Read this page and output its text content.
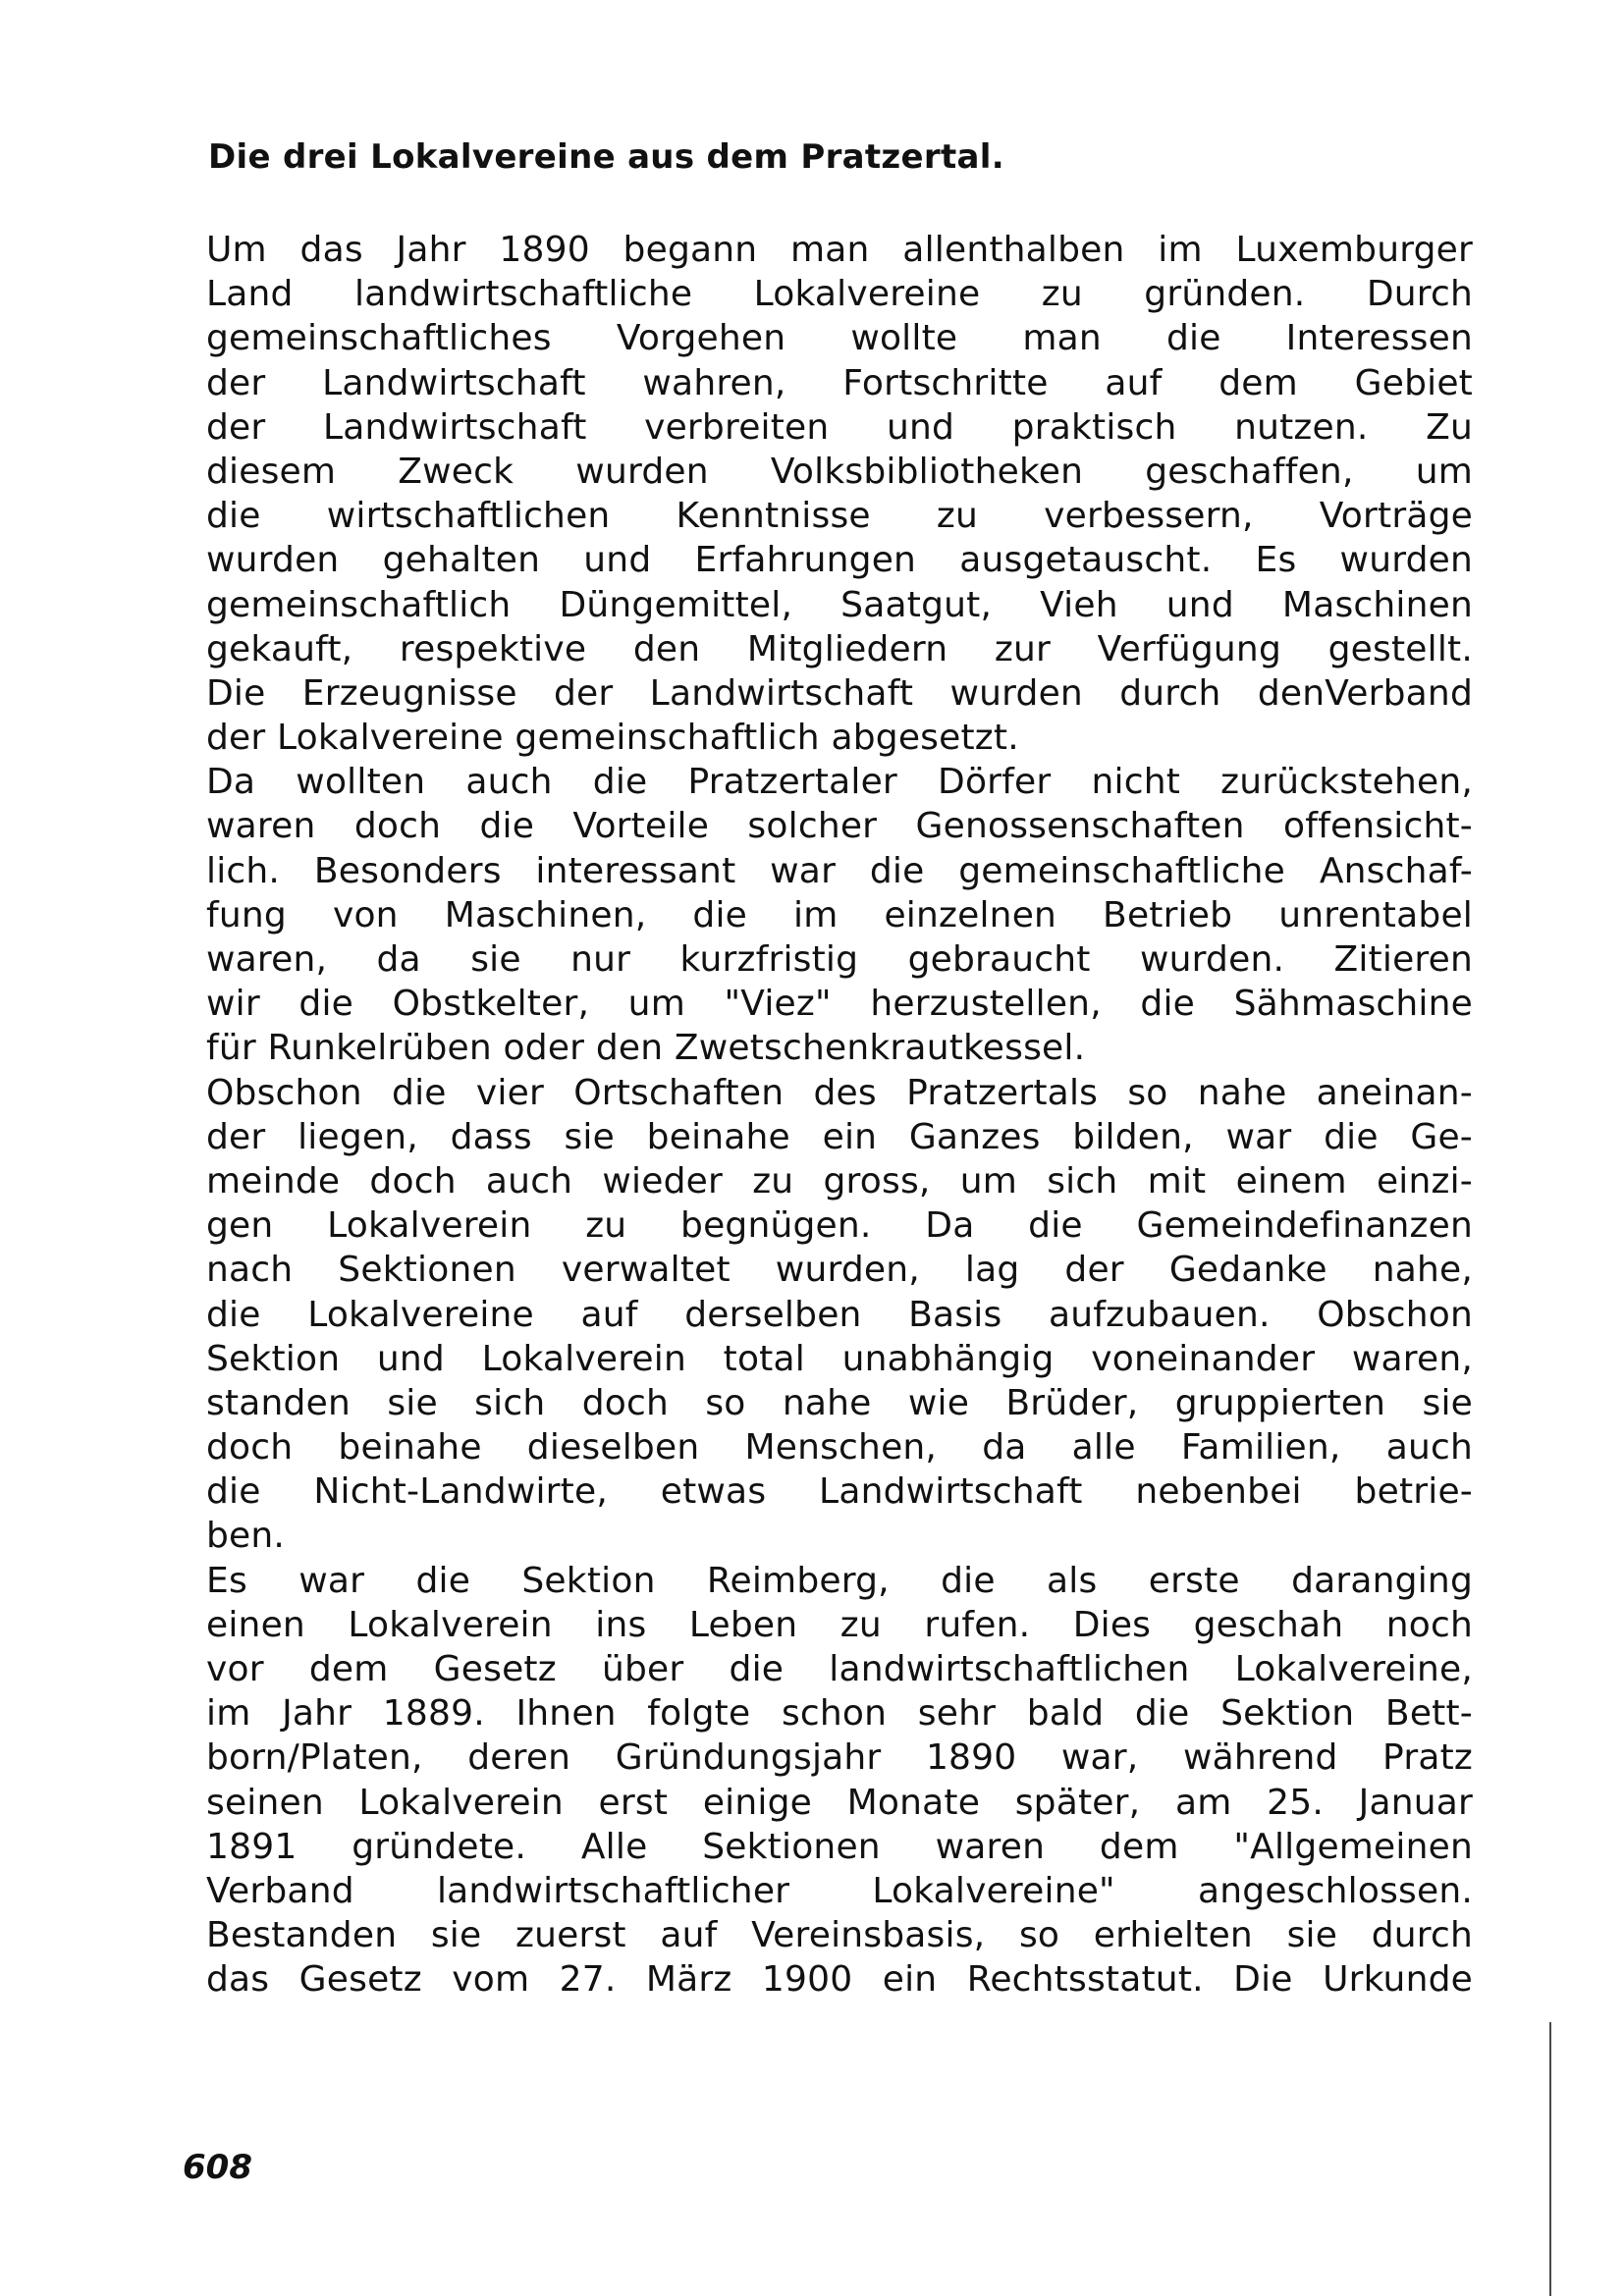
Die drei Lokalvereine aus dem Pratzertal.
Um das Jahr 1890 begann man allenthalben im Luxemburger
Land landwirtschaftliche Lokalvereine zu gründen. Durch
gemeinschaftliches Vorgehen wollte man die Interessen
der Landwirtschaft wahren, Fortschritte auf dem Gebiet
der Landwirtschaft verbreiten und praktisch nutzen. Zu
diesem Zweck wurden Volksbibliotheken geschaffen, um
die wirtschaftlichen Kenntnisse zu verbessern, Vorträge
wurden gehalten und Erfahrungen ausgetauscht. Es wurden
gemeinschaftlich Düngemittel, Saatgut, Vieh und Maschinen
gekauft, respektive den Mitgliedern zur Verfügung gestellt.
Die Erzeugnisse der Landwirtschaft wurden durch denVerband
der Lokalvereine gemeinschaftlich abgesetzt.
Da wollten auch die Pratzertaler Dörfer nicht zurückstehen,
waren doch die Vorteile solcher Genossenschaften offensicht-
lich. Besonders interessant war die gemeinschaftliche Anschaf-
fung von Maschinen, die im einzelnen Betrieb unrentabel
waren, da sie nur kurzfristig gebraucht wurden. Zitieren
wir die Obstkelter, um "Viez" herzustellen, die Sähmaschine
für Runkelrüben oder den Zwetschenkrautkessel.
Obschon die vier Ortschaften des Pratzertals so nahe aneinan-
der liegen, dass sie beinahe ein Ganzes bilden, war die Ge-
meinde doch auch wieder zu gross, um sich mit einem einzi-
gen Lokalverein zu begnügen. Da die Gemeindefinanzen
nach Sektionen verwaltet wurden, lag der Gedanke nahe,
die Lokalvereine auf derselben Basis aufzubauen. Obschon
Sektion und Lokalverein total unabhängig voneinander waren,
standen sie sich doch so nahe wie Brüder, gruppierten sie
doch beinahe dieselben Menschen, da alle Familien, auch
die Nicht-Landwirte, etwas Landwirtschaft nebenbei betrie-
ben.
Es war die Sektion Reimberg, die als erste daranging
einen Lokalverein ins Leben zu rufen. Dies geschah noch
vor dem Gesetz über die landwirtschaftlichen Lokalvereine,
im Jahr 1889. Ihnen folgte schon sehr bald die Sektion Bett-
born/Platen, deren Gründungsjahr 1890 war, während Pratz
seinen Lokalverein erst einige Monate später, am 25. Januar
1891 gründete. Alle Sektionen waren dem "Allgemeinen
Verband landwirtschaftlicher Lokalvereine" angeschlossen.
Bestanden sie zuerst auf Vereinsbasis, so erhielten sie durch
das Gesetz vom 27. März 1900 ein Rechtsstatut. Die Urkunde
608
